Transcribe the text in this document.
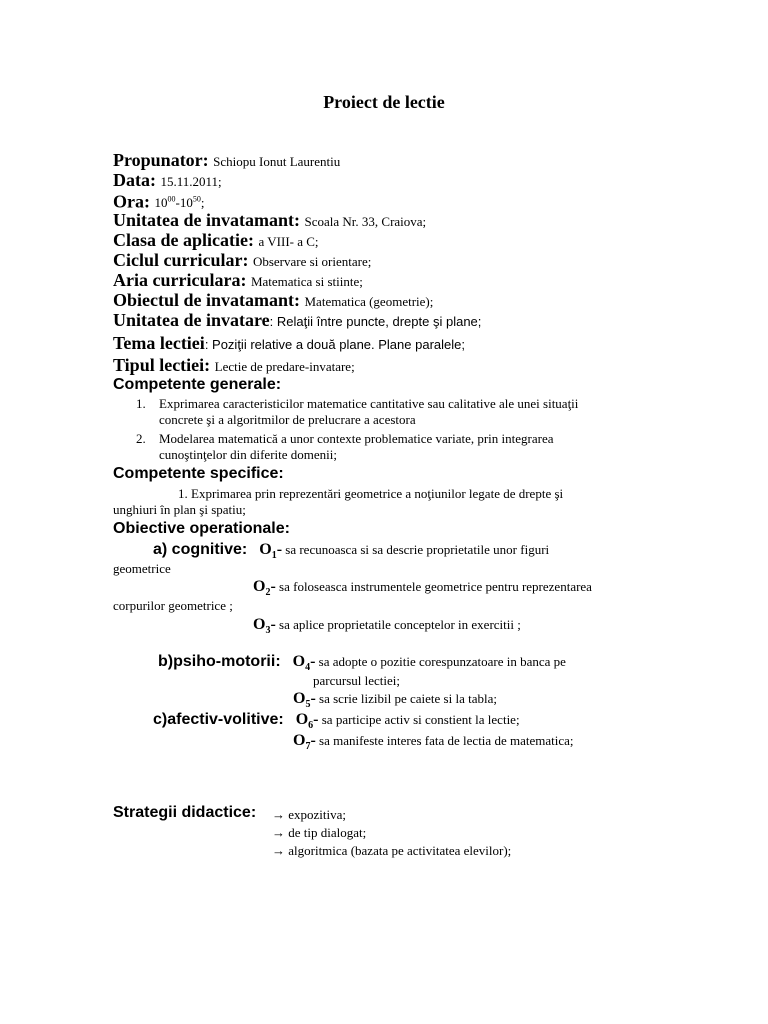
Proiect de lectie
Propunator: Schiopu Ionut Laurentiu
Data: 15.11.2011;
Ora: $10^{00}-10^{50}$;
Unitatea de invatamant: Scoala Nr. 33, Craiova;
Clasa de aplicatie: a VIII- a C;
Ciclul curricular: Observare si orientare;
Aria curriculara: Matematica si stiinte;
Obiectul de invatamant: Matematica (geometrie);
Unitatea de invatare: Relaţii între puncte, drepte şi plane;
Tema lectiei: Poziţii relative a două plane. Plane paralele;
Tipul lectiei: Lectie de predare-invatare;
Competente generale:
1. Exprimarea caracteristicilor matematice cantitative sau calitative ale unei situaţii
concrete şi a algoritmilor de prelucrare a acestora
2. Modelarea matematică a unor contexte problematice variate, prin integrarea
cunoştinţelor din diferite domenii;
Competente specifice:
1. Exprimarea prin reprezentări geometrice a noţiunilor legate de drepte şi
unghiuri în plan şi spatiu;
Obiective operationale:
a) cognitive: $O_1-$ sa recunoasca si sa descrie proprietatile unor figuri
geometrice
$O_2-$ sa foloseasca instrumentele geometrice pentru reprezentarea
corpurilor geometrice ;
$O_3-$ sa aplice proprietatile conceptelor in exercitii ;
b)psiho-motorii: $O_4-$ sa adopte o pozitie corespunzatoare in banca pe
parcursul lectiei;
$O_5-$ sa scrie lizibil pe caiete si la tabla;
c)afectiv-volitive: $O_6-$ sa participe activ si constient la lectie;
$O_7-$ sa manifeste interes fata de lectia de matematica;
Strategii didactice: → expozitiva;
→ de tip dialogat;
→ algoritmica (bazata pe activitatea elevilor);
